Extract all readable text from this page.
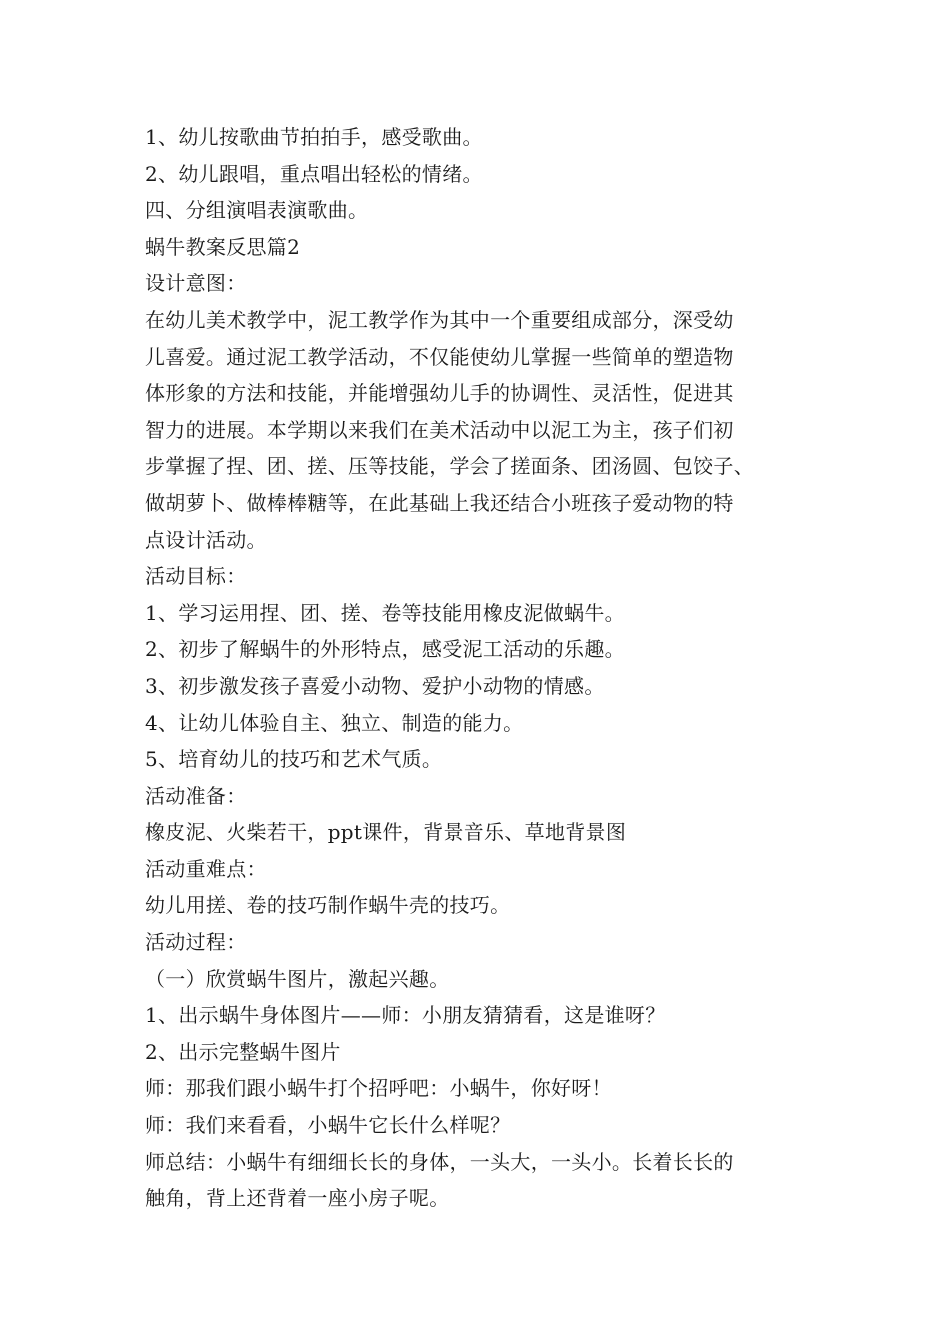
1、幼儿按歌曲节拍拍手，感受歌曲。
2、幼儿跟唱，重点唱出轻松的情绪。
四、分组演唱表演歌曲。
蜗牛教案反思篇2
设计意图：
在幼儿美术教学中，泥工教学作为其中一个重要组成部分，深受幼
儿喜爱。通过泥工教学活动，不仅能使幼儿掌握一些简单的塑造物
体形象的方法和技能，并能增强幼儿手的协调性、灵活性，促进其
智力的进展。本学期以来我们在美术活动中以泥工为主，孩子们初
步掌握了捏、团、搓、压等技能，学会了搓面条、团汤圆、包饺子、
做胡萝卜、做棒棒糖等，在此基础上我还结合小班孩子爱动物的特
点设计活动。
活动目标：
1、学习运用捏、团、搓、卷等技能用橡皮泥做蜗牛。
2、初步了解蜗牛的外形特点，感受泥工活动的乐趣。
3、初步激发孩子喜爱小动物、爱护小动物的情感。
4、让幼儿体验自主、独立、制造的能力。
5、培育幼儿的技巧和艺术气质。
活动准备：
橡皮泥、火柴若干，ppt课件，背景音乐、草地背景图
活动重难点：
幼儿用搓、卷的技巧制作蜗牛壳的技巧。
活动过程：
（一）欣赏蜗牛图片，激起兴趣。
1、出示蜗牛身体图片——师：小朋友猜猜看，这是谁呀？
2、出示完整蜗牛图片
师：那我们跟小蜗牛打个招呼吧：小蜗牛，你好呀！
师：我们来看看，小蜗牛它长什么样呢？
师总结：小蜗牛有细细长长的身体，一头大，一头小。长着长长的
触角，背上还背着一座小房子呢。
